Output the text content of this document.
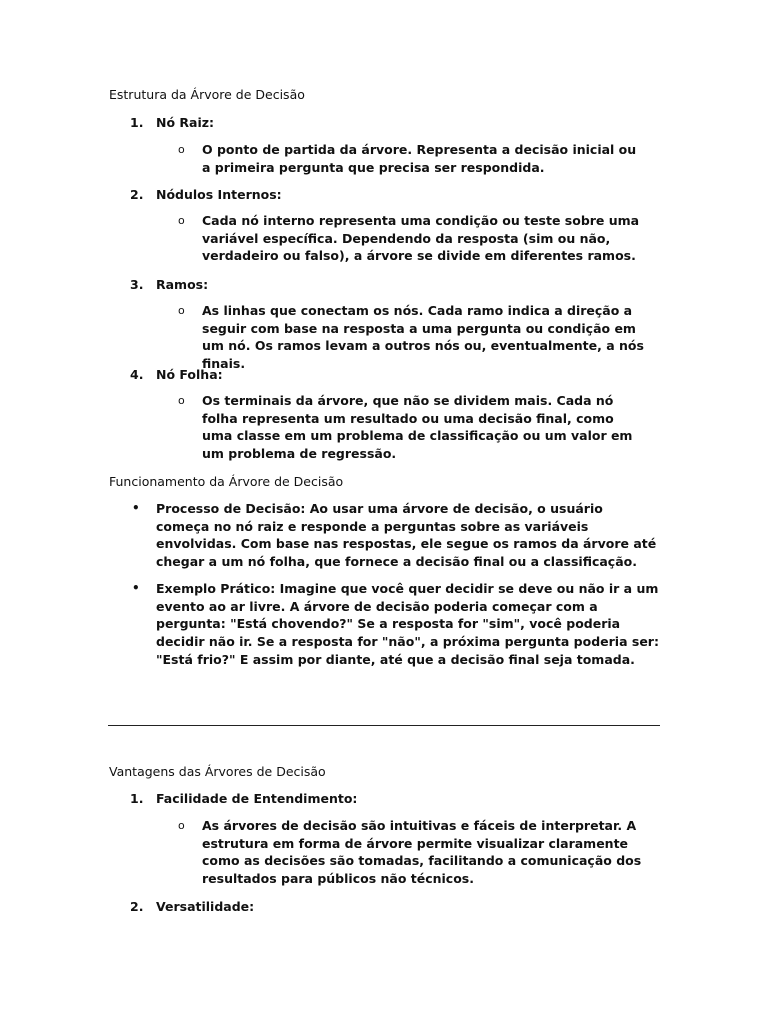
Estrutura da Árvore de Decisão
1. Nó Raiz:
o O ponto de partida da árvore. Representa a decisão inicial ou a primeira pergunta que precisa ser respondida.
2. Nódulos Internos:
o Cada nó interno representa uma condição ou teste sobre uma variável específica. Dependendo da resposta (sim ou não, verdadeiro ou falso), a árvore se divide em diferentes ramos.
3. Ramos:
o As linhas que conectam os nós. Cada ramo indica a direção a seguir com base na resposta a uma pergunta ou condição em um nó. Os ramos levam a outros nós ou, eventualmente, a nós finais.
4. Nó Folha:
o Os terminais da árvore, que não se dividem mais. Cada nó folha representa um resultado ou uma decisão final, como uma classe em um problema de classificação ou um valor em um problema de regressão.
Funcionamento da Árvore de Decisão
• Processo de Decisão: Ao usar uma árvore de decisão, o usuário começa no nó raiz e responde a perguntas sobre as variáveis envolvidas. Com base nas respostas, ele segue os ramos da árvore até chegar a um nó folha, que fornece a decisão final ou a classificação.
• Exemplo Prático: Imagine que você quer decidir se deve ou não ir a um evento ao ar livre. A árvore de decisão poderia começar com a pergunta: "Está chovendo?" Se a resposta for "sim", você poderia decidir não ir. Se a resposta for "não", a próxima pergunta poderia ser: "Está frio?" E assim por diante, até que a decisão final seja tomada.
Vantagens das Árvores de Decisão
1. Facilidade de Entendimento:
o As árvores de decisão são intuitivas e fáceis de interpretar. A estrutura em forma de árvore permite visualizar claramente como as decisões são tomadas, facilitando a comunicação dos resultados para públicos não técnicos.
2. Versatilidade:
